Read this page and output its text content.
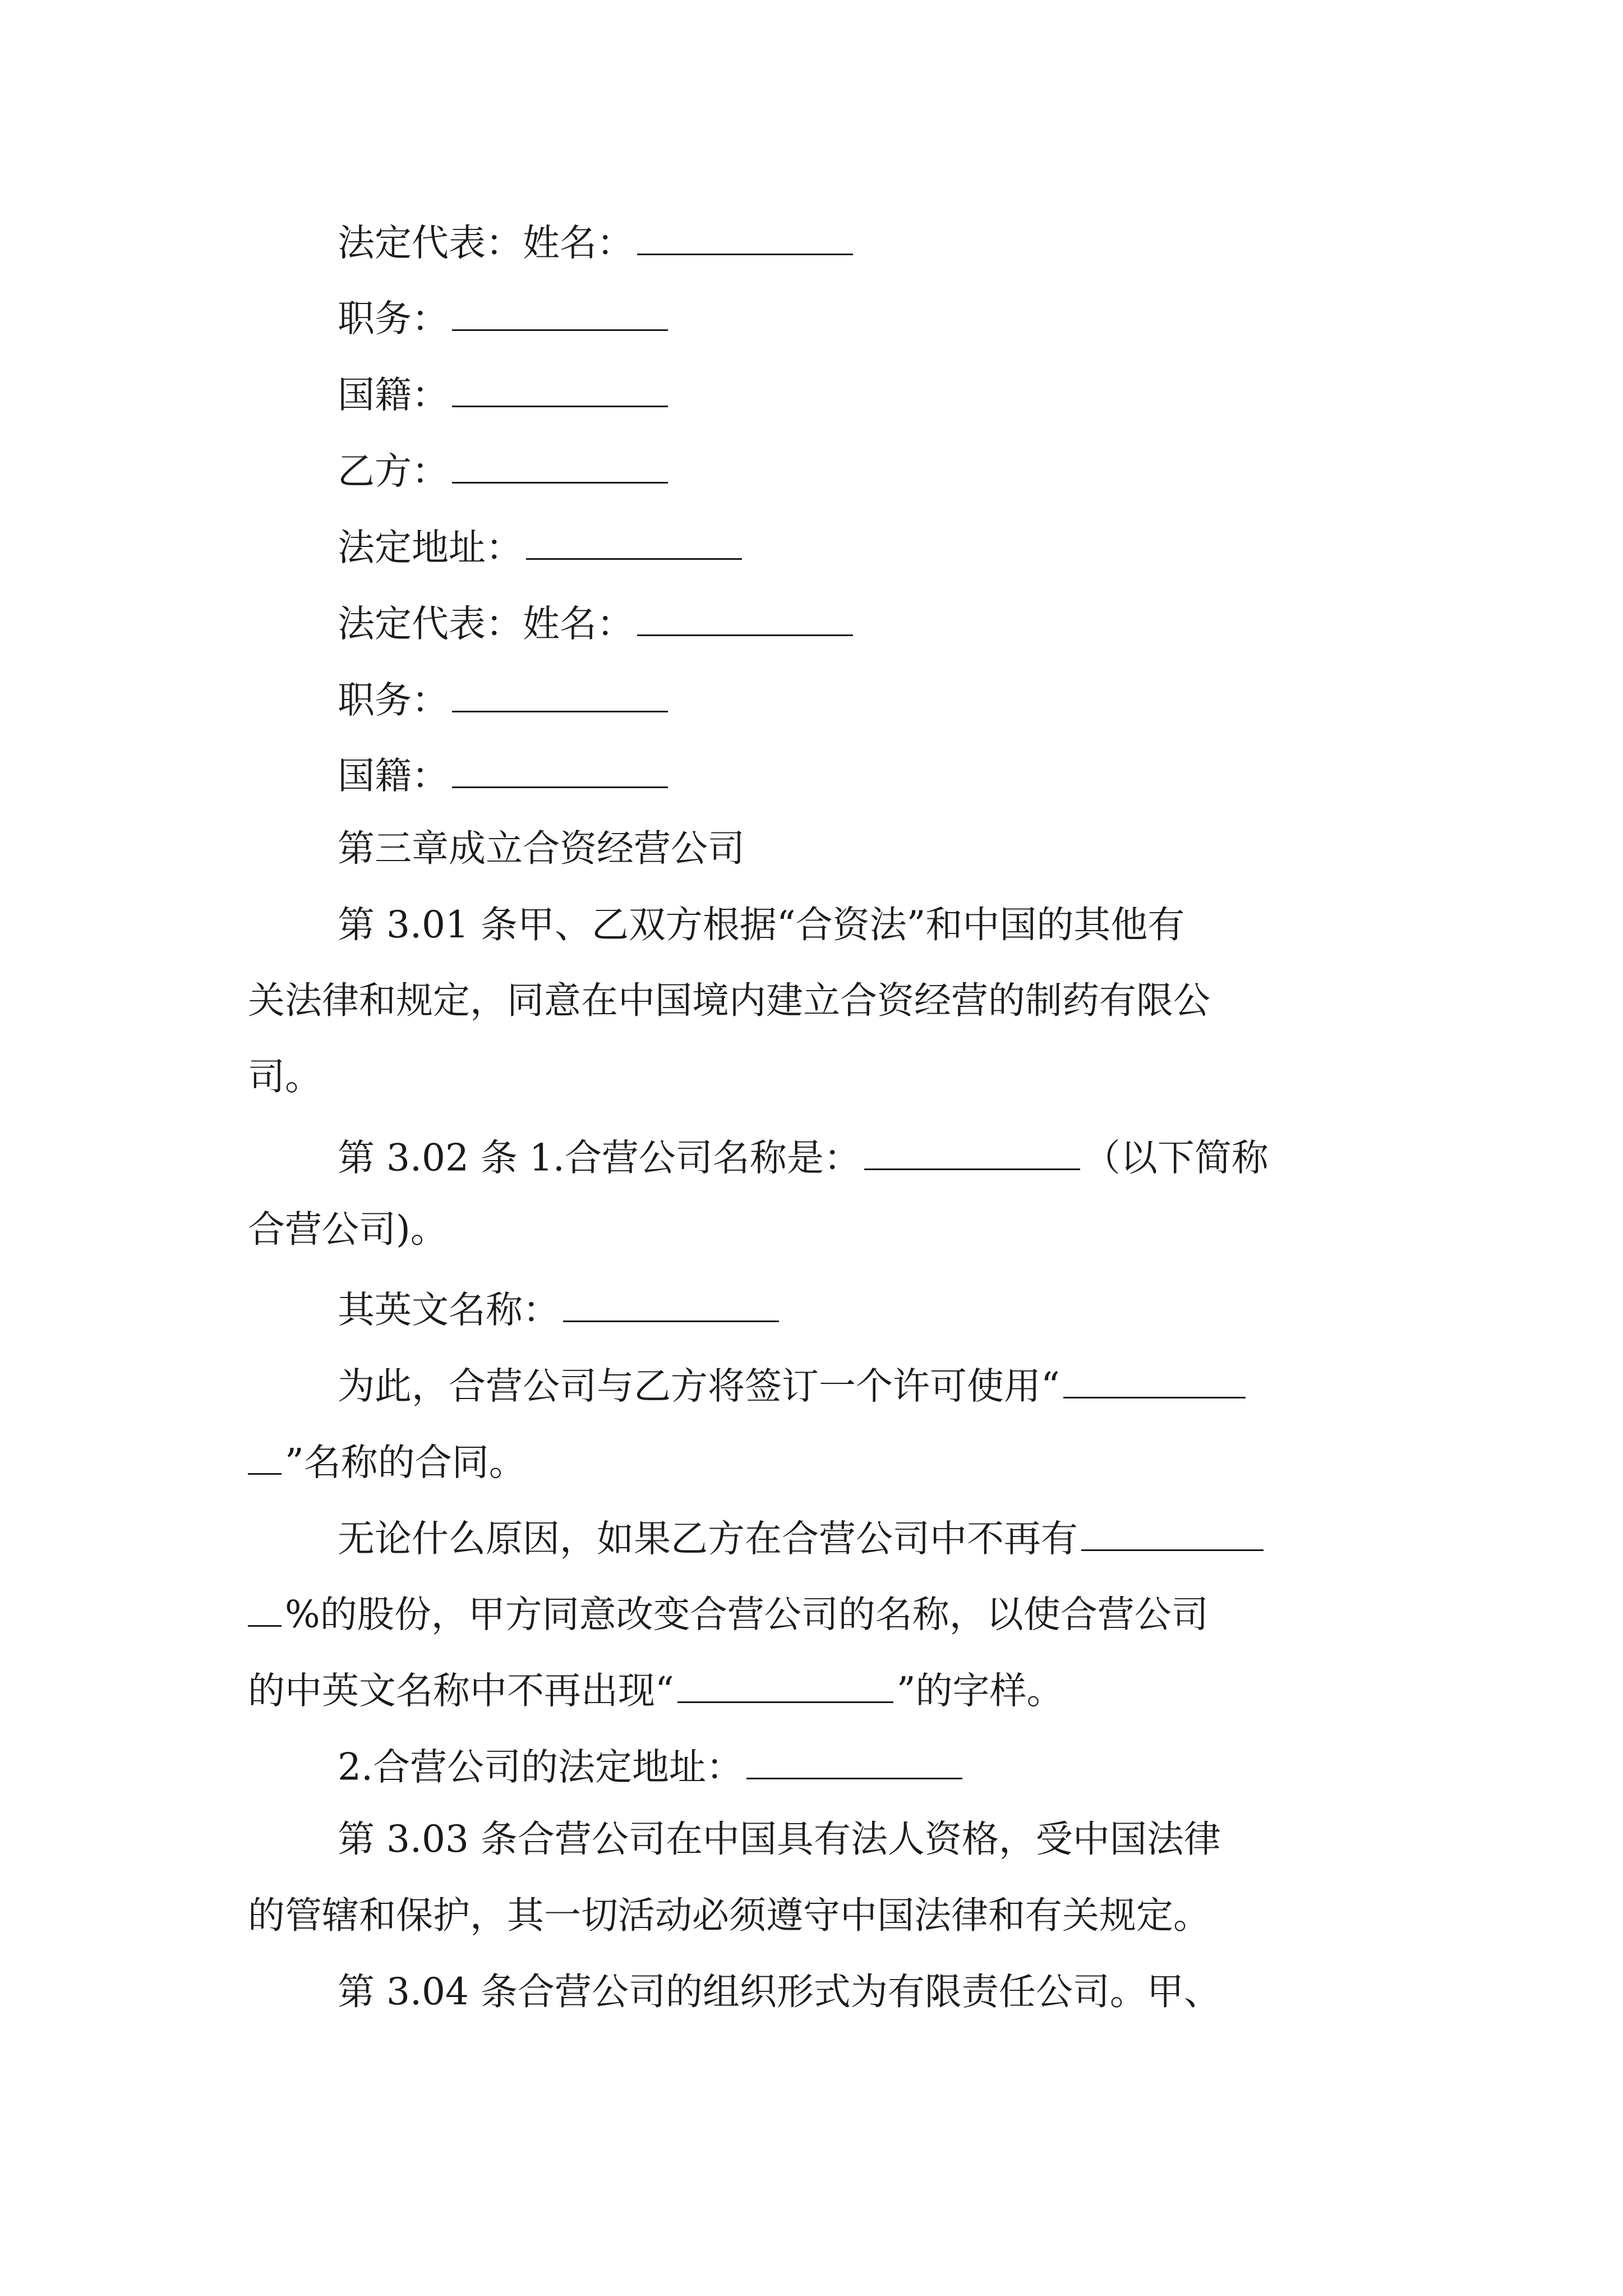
法定代表：姓名：
职务：
国籍：
乙方：
法定地址：
法定代表：姓名：
职务：
国籍：
第三章成立合资经营公司
第 3.01 条甲、乙双方根据“合资法”和中国的其他有
关法律和规定，同意在中国境内建立合资经营的制药有限公
司。
第 3.02 条 1.合营公司名称是：	（以下简称
合营公司)。
其英文名称：
为此，合营公司与乙方将签订一个许可使用“
”名称的合同。
无论什么原因，如果乙方在合营公司中不再有
%的股份，甲方同意改变合营公司的名称，以使合营公司
的中英文名称中不再出现“	”的字样。
2.合营公司的法定地址：
第 3.03 条合营公司在中国具有法人资格，受中国法律
的管辖和保护，其一切活动必须遵守中国法律和有关规定。
第 3.04 条合营公司的组织形式为有限责任公司。甲、
